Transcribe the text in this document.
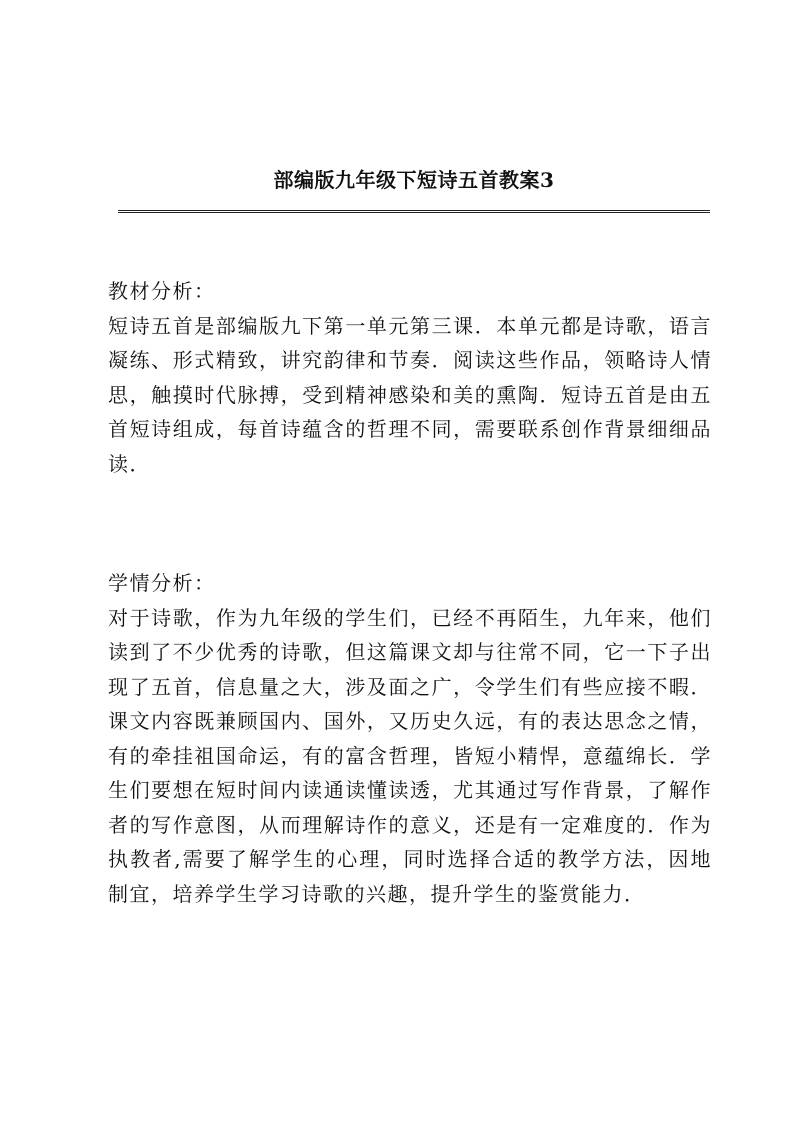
部编版九年级下短诗五首教案3

教材分析：

短诗五首是部编版九下第一单元第三课．本单元都是诗歌，语言凝练、形式精致，讲究韵律和节奏．阅读这些作品，领略诗人情思，触摸时代脉搏，受到精神感染和美的熏陶．短诗五首是由五首短诗组成，每首诗蕴含的哲理不同，需要联系创作背景细细品读．

学情分析：

对于诗歌，作为九年级的学生们，已经不再陌生，九年来，他们读到了不少优秀的诗歌，但这篇课文却与往常不同，它一下子出现了五首，信息量之大，涉及面之广，令学生们有些应接不暇．课文内容既兼顾国内、国外，又历史久远，有的表达思念之情，有的牵挂祖国命运，有的富含哲理，皆短小精悍，意蕴绵长．学生们要想在短时间内读通读懂读透，尤其通过写作背景，了解作者的写作意图，从而理解诗作的意义，还是有一定难度的．作为执教者,需要了解学生的心理，同时选择合适的教学方法，因地制宜，培养学生学习诗歌的兴趣，提升学生的鉴赏能力．
